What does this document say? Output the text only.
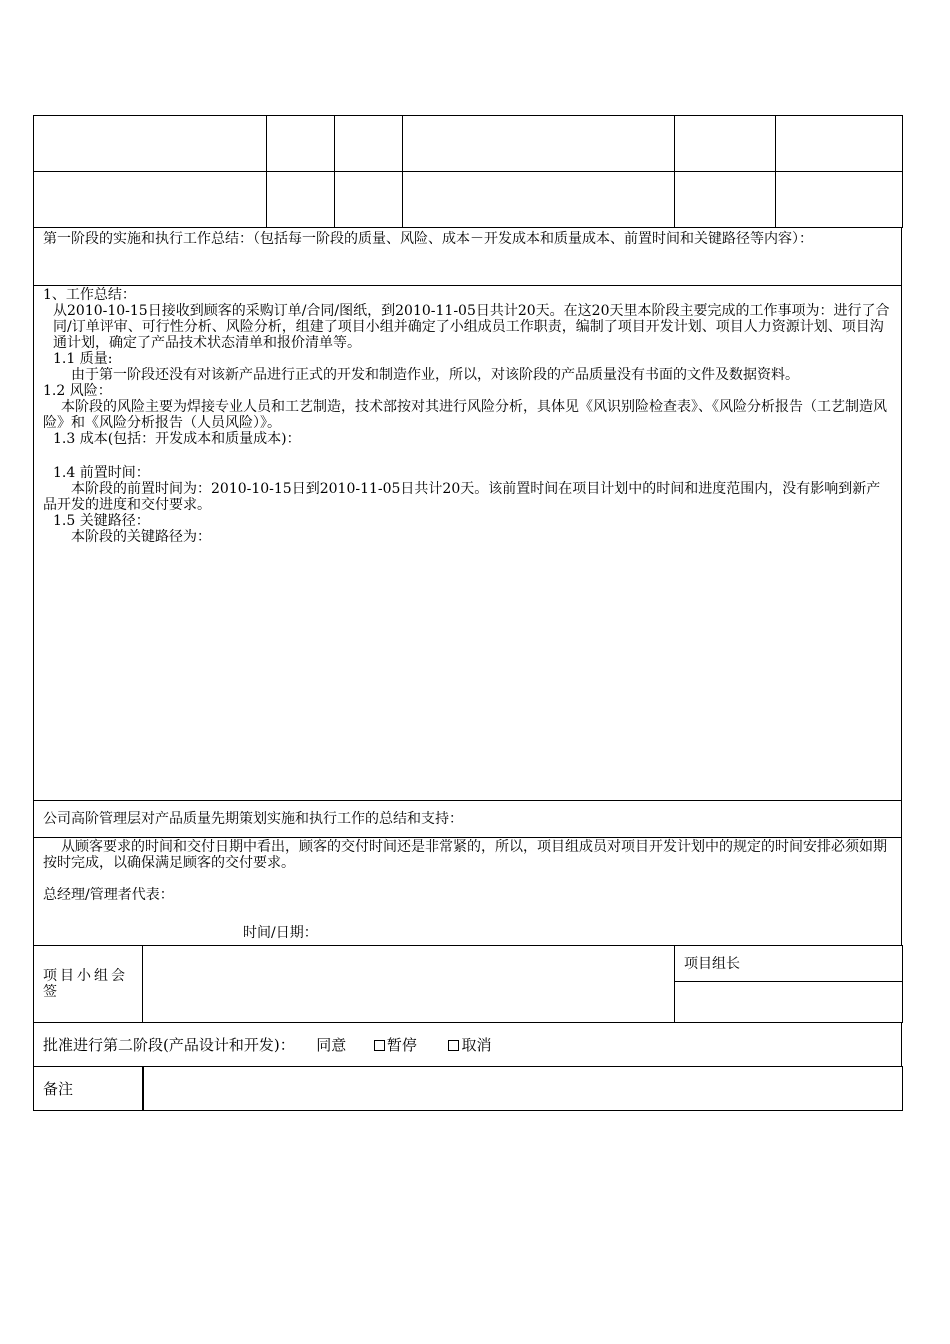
第一阶段的实施和执行工作总结：（包括每一阶段的质量、风险、成本－开发成本和质量成本、前置时间和关键路径等内容）：

1、工作总结：
从2010-10-15日接收到顾客的采购订单/合同/图纸，到2010-11-05日共计20天。在这20天里本阶段主要完成的工作事项为：进行了合同/订单评审、可行性分析、风险分析，组建了项目小组并确定了小组成员工作职责，编制了项目开发计划、项目人力资源计划、项目沟通计划，确定了产品技术状态清单和报价清单等。
1.1 质量:
由于第一阶段还没有对该新产品进行正式的开发和制造作业，所以，对该阶段的产品质量没有书面的文件及数据资料。
1.2 风险：
本阶段的风险主要为焊接专业人员和工艺制造，技术部按对其进行风险分析，具体见《风识别险检查表》、《风险分析报告（工艺制造风险》和《风险分析报告（人员风险）》。
1.3 成本(包括：开发成本和质量成本)：
1.4 前置时间：
本阶段的前置时间为：2010-10-15日到2010-11-05日共计20天。该前置时间在项目计划中的时间和进度范围内，没有影响到新产品开发的进度和交付要求。
1.5 关键路径：
本阶段的关键路径为：

公司高阶管理层对产品质量先期策划实施和执行工作的总结和支持：

从顾客要求的时间和交付日期中看出，顾客的交付时间还是非常紧的，所以，项目组成员对项目开发计划中的规定的时间安排必须如期按时完成，以确保满足顾客的交付要求。
总经理/管理者代表：
时间/日期：
项目小组会签		项目组长

批准进行第二阶段(产品设计和开发)： 同意	暂停	取消
备注	
